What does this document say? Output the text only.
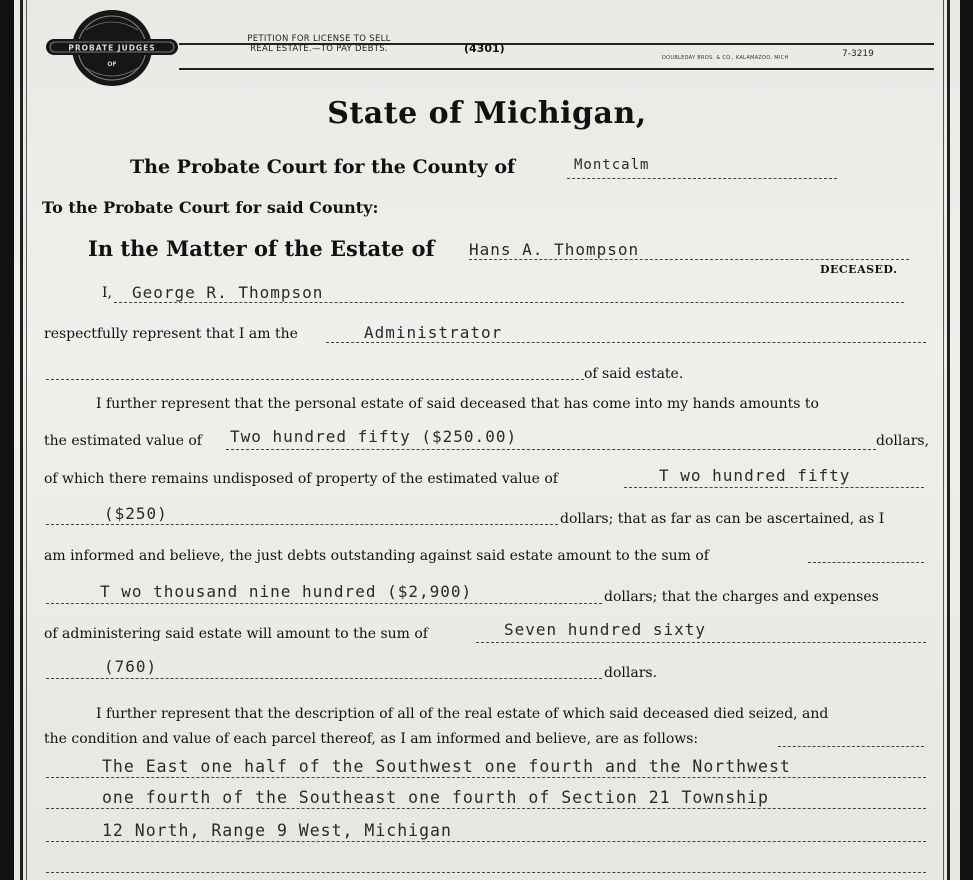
PROBATE JUDGES
OF
PETITION FOR LICENSE TO SELL
REAL ESTATE.—TO PAY DEBTS.	(4301)
DOUBLEDAY BROS. & CO., KALAMAZOO, MICH	7-3219
State of Michigan,
The Probate Court for the County of	Montcalm
To the Probate Court for said County:
In the Matter of the Estate of Hans A. Thompson
DECEASED.
I, George R. Thompson
respectfully represent that I am the	Administrator
of said estate.
I further represent that the personal estate of said deceased that has come into my hands amounts to
the estimated value of Two hundred fifty ($250.00)	dollars,
of which there remains undisposed of property of the estimated value of	T wo hundred fifty
($250)	dollars; that as far as can be ascertained, as I
am informed and believe, the just debts outstanding against said estate amount to the sum of
T wo thousand nine hundred ($2,900)	dollars; that the charges and expenses
of administering said estate will amount to the sum of	Seven hundred sixty
(760)	dollars.
I further represent that the description of all of the real estate of which said deceased died seized, and
the condition and value of each parcel thereof, as I am informed and believe, are as follows:
The East one half of the Southwest one fourth and the Northwest
one fourth of the Southeast one fourth of Section 21 Township
12 North, Range 9 West, Michigan
